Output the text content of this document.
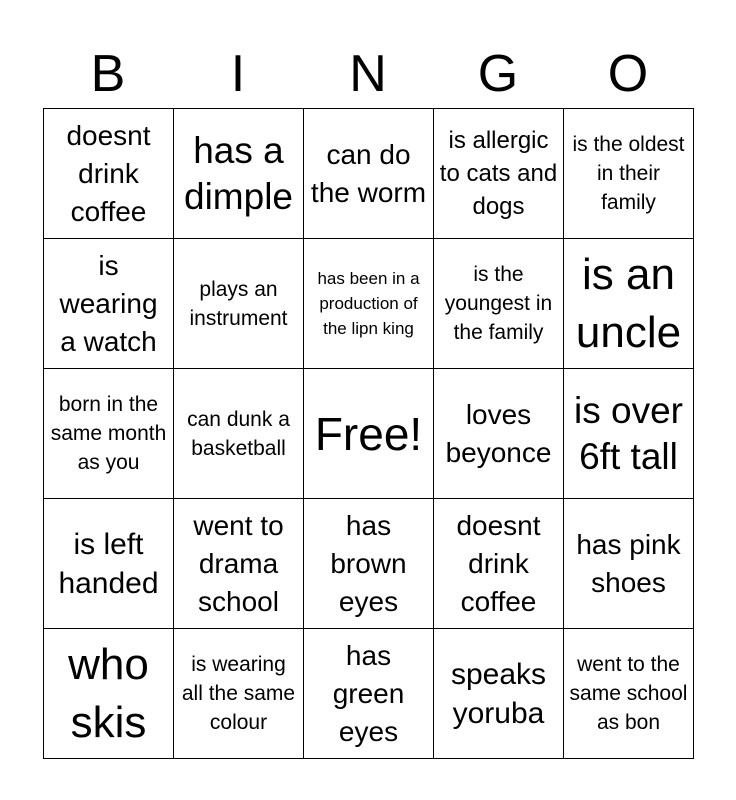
B	I	N	G	O
doesnt drink coffee	has a dimple	can do the worm	is allergic to cats and dogs	is the oldest in their family

is wearing a watch	plays an instrument	has been in a production of the lipn king	is the youngest in the family	is an uncle

born in the same month as you	can dunk a basketball	Free!	loves beyonce	is over 6ft tall

is left handed	went to drama school	has brown eyes	doesnt drink coffee	has pink shoes

who skis	is wearing all the same colour	has green eyes	speaks yoruba	went to the same school as bon
